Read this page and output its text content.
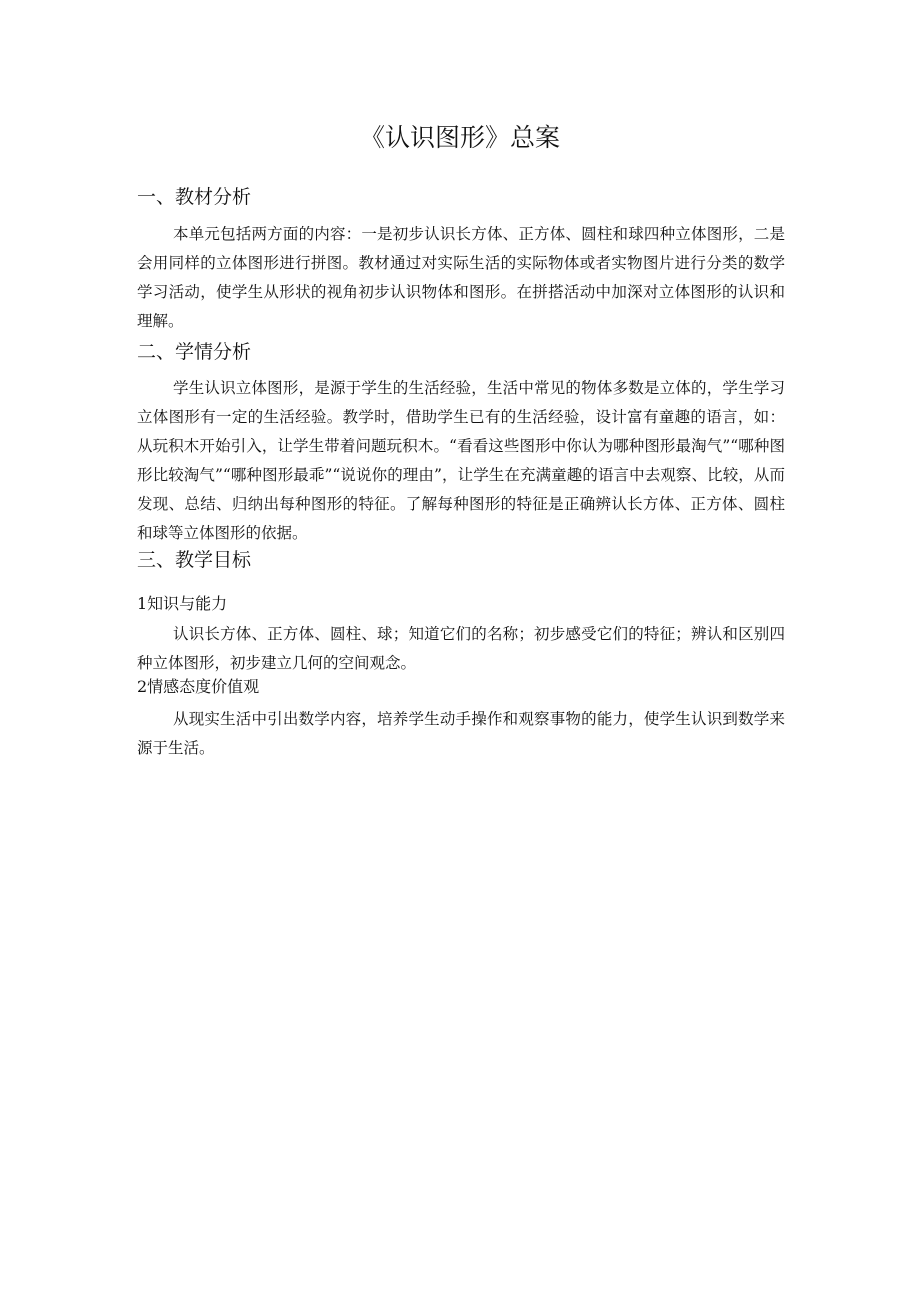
《认识图形》总案
一、教材分析

本单元包括两方面的内容：一是初步认识长方体、正方体、圆柱和球四种立体图形，二是会用同样的立体图形进行拼图。教材通过对实际生活的实际物体或者实物图片进行分类的数学学习活动，使学生从形状的视角初步认识物体和图形。在拼搭活动中加深对立体图形的认识和理解。

二、学情分析

学生认识立体图形，是源于学生的生活经验，生活中常见的物体多数是立体的，学生学习立体图形有一定的生活经验。教学时，借助学生已有的生活经验，设计富有童趣的语言，如：从玩积木开始引入，让学生带着问题玩积木。“看看这些图形中你认为哪种图形最淘气”“哪种图形比较淘气”“哪种图形最乖”“说说你的理由”，让学生在充满童趣的语言中去观察、比较，从而发现、总结、归纳出每种图形的特征。了解每种图形的特征是正确辨认长方体、正方体、圆柱和球等立体图形的依据。

三、教学目标
1知识与能力

认识长方体、正方体、圆柱、球；知道它们的名称；初步感受它们的特征；辨认和区别四种立体图形，初步建立几何的空间观念。

2情感态度价值观

从现实生活中引出数学内容，培养学生动手操作和观察事物的能力，使学生认识到数学来源于生活。
